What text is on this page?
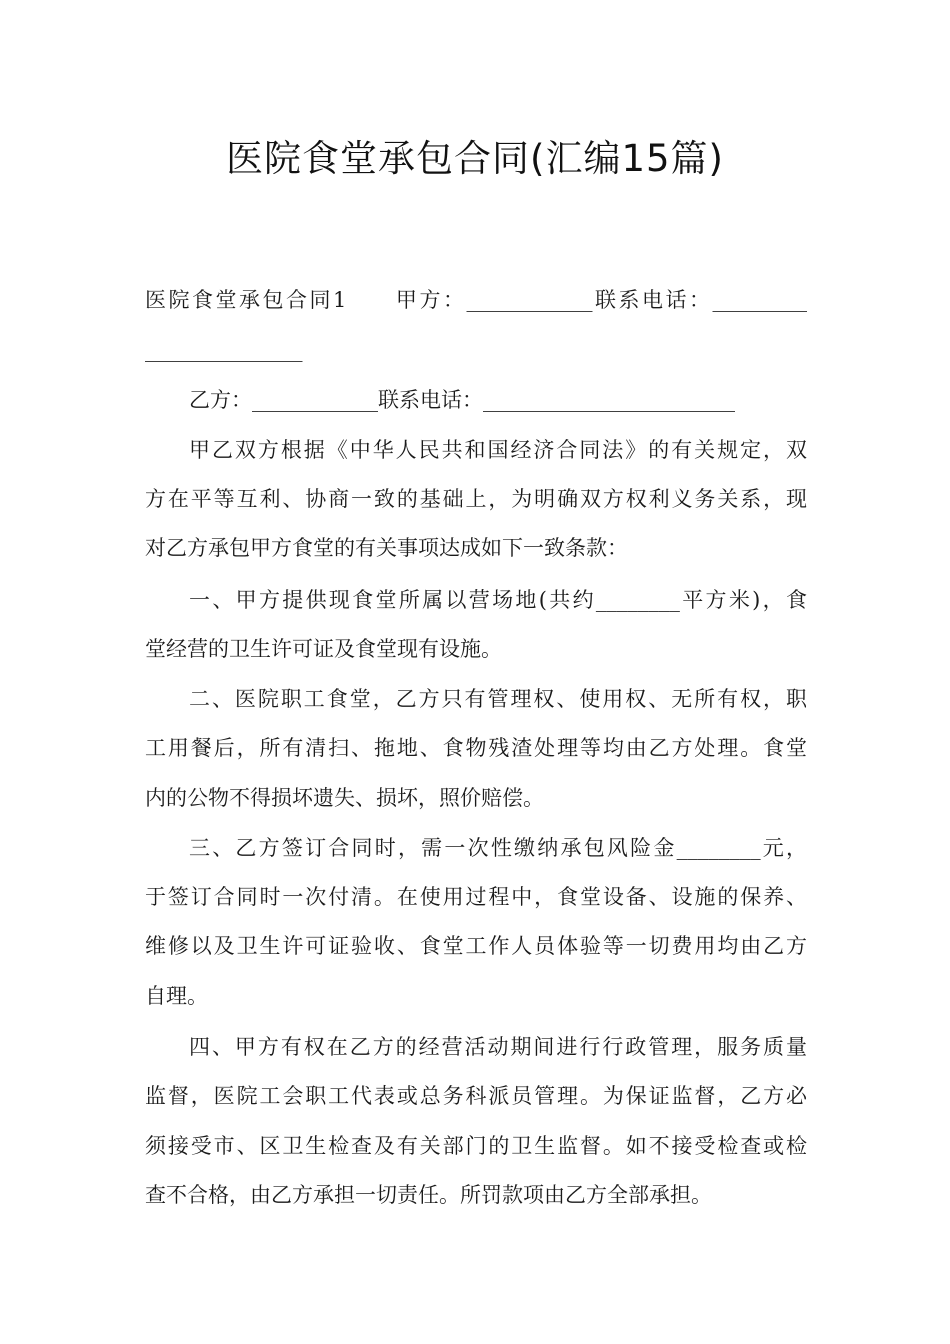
医院食堂承包合同(汇编15篇)
医院食堂承包合同1　　甲方：____________联系电话：_________
_______________
乙方：____________联系电话：________________________
甲乙双方根据《中华人民共和国经济合同法》的有关规定，双
方在平等互利、协商一致的基础上，为明确双方权利义务关系，现
对乙方承包甲方食堂的有关事项达成如下一致条款：
一、甲方提供现食堂所属以营场地(共约________平方米)，食
堂经营的卫生许可证及食堂现有设施。
二、医院职工食堂，乙方只有管理权、使用权、无所有权，职
工用餐后，所有清扫、拖地、食物残渣处理等均由乙方处理。食堂
内的公物不得损坏遗失、损坏，照价赔偿。
三、乙方签订合同时，需一次性缴纳承包风险金________元，
于签订合同时一次付清。在使用过程中，食堂设备、设施的保养、
维修以及卫生许可证验收、食堂工作人员体验等一切费用均由乙方
自理。
四、甲方有权在乙方的经营活动期间进行行政管理，服务质量
监督，医院工会职工代表或总务科派员管理。为保证监督，乙方必
须接受市、区卫生检查及有关部门的卫生监督。如不接受检查或检
查不合格，由乙方承担一切责任。所罚款项由乙方全部承担。
